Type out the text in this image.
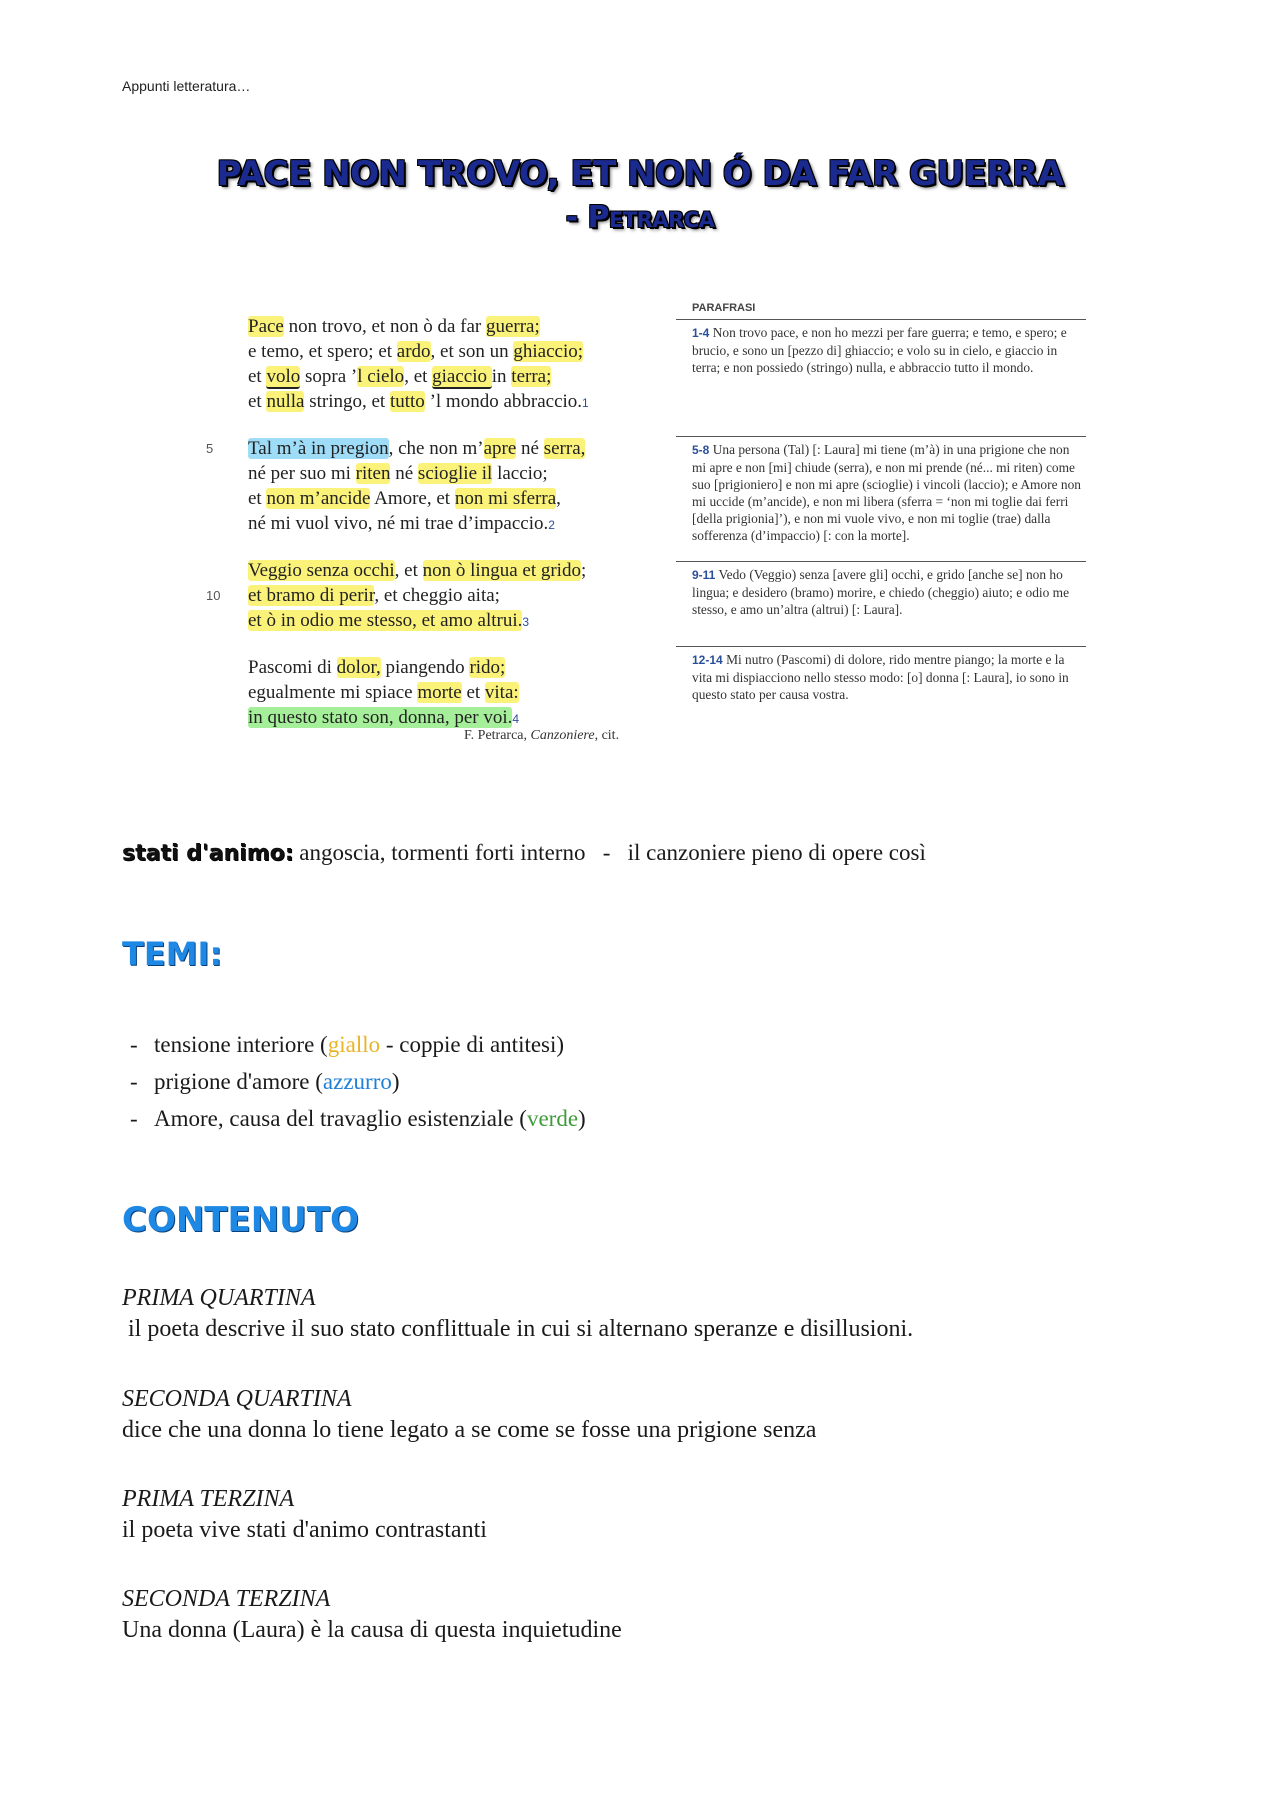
Appunti letteratura…
PACE NON TROVO, ET NON Ó DA FAR GUERRA
- Petrarca
Pace non trovo, et non ò da far guerra;
e temo, et spero; et ardo, et son un ghiaccio;
et volo sopra ’l cielo, et giaccio in terra;
et nulla stringo, et tutto ’l mondo abbraccio.1
5 Tal m’à in pregion, che non m’apre né serra,
né per suo mi riten né scioglie il laccio;
et non m’ancide Amore, et non mi sferra,
né mi vuol vivo, né mi trae d’impaccio.2
Veggio senza occhi, et non ò lingua et grido;
10 et bramo di perir, et cheggio aita;
et ò in odio me stesso, et amo altrui.3
Pascomi di dolor, piangendo rido;
egualmente mi spiace morte et vita:
in questo stato son, donna, per voi.4
F. Petrarca, Canzoniere, cit.
PARAFRASI
1-4 Non trovo pace, e non ho mezzi per fare guerra; e temo, e spero; e brucio, e sono un [pezzo di] ghiaccio; e volo su in cielo, e giaccio in terra; e non possiedo (stringo) nulla, e abbraccio tutto il mondo.
5-8 Una persona (Tal) [: Laura] mi tiene (m’à) in una prigione che non mi apre e non [mi] chiude (serra), e non mi prende (né... mi riten) come suo [prigioniero] e non mi apre (scioglie) i vincoli (laccio); e Amore non mi uccide (m’ancide), e non mi libera (sferra = ‘non mi toglie dai ferri [della prigionia]’), e non mi vuole vivo, e non mi toglie (trae) dalla sofferenza (d’impaccio) [: con la morte].
9-11 Vedo (Veggio) senza [avere gli] occhi, e grido [anche se] non ho lingua; e desidero (bramo) morire, e chiedo (cheggio) aiuto; e odio me stesso, e amo un’altra (altrui) [: Laura].
12-14 Mi nutro (Pascomi) di dolore, rido mentre piango; la morte e la vita mi dispiacciono nello stesso modo: [o] donna [: Laura], io sono in questo stato per causa vostra.
stati d'animo: angoscia, tormenti forti interno   -   il canzoniere pieno di opere così
TEMI:
- tensione interiore (giallo - coppie di antitesi)
- prigione d'amore (azzurro)
- Amore, causa del travaglio esistenziale (verde)
CONTENUTO
PRIMA QUARTINA
il poeta descrive il suo stato conflittuale in cui si alternano speranze e disillusioni.
SECONDA QUARTINA
dice che una donna lo tiene legato a se come se fosse una prigione senza
PRIMA TERZINA
il poeta vive stati d'animo contrastanti
SECONDA TERZINA
Una donna (Laura) è la causa di questa inquietudine
